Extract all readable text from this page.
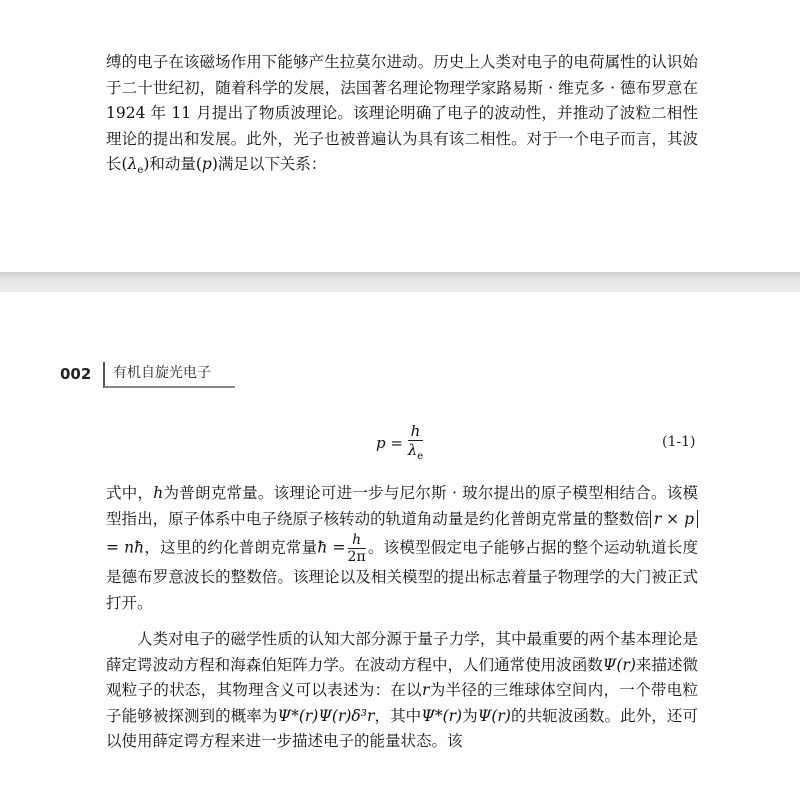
缚的电子在该磁场作用下能够产生拉莫尔进动。历史上人类对电子的电荷属性的认识始于二十世纪初，随着科学的发展，法国著名理论物理学家路易斯 · 维克多 · 德布罗意在 1924 年 11 月提出了物质波理论。该理论明确了电子的波动性，并推动了波粒二相性理论的提出和发展。此外，光子也被普遍认为具有该二相性。对于一个电子而言，其波长$(\lambda_e)$和动量(p)满足以下关系：

002 有机自旋光电子
$p = \frac{h}{\lambda_e}$	(1-1)

式中，h为普朗克常量。该理论可进一步与尼尔斯 · 玻尔提出的原子模型相结合。该模型指出，原子体系中电子绕原子核转动的轨道角动量是约化普朗克常量的整数倍 r × p= nħ，这里的约化普朗克常量ħ = $\frac{h}{2\pi}$ 。该模型假定电子能够占据的整个运动轨道长度是德布罗意波长的整数倍。该理论以及相关模型的提出标志着量子物理学的大门被正式打开。

人类对电子的磁学性质的认知大部分源于量子力学，其中最重要的两个基本理论是薛定谔波动方程和海森伯矩阵力学。在波动方程中，人们通常使用波函数Ψ(r)来描述微观粒子的状态，其物理含义可以表述为：在以r为半径的三维球体空间内，一个带电粒子能够被探测到的概率为Ψ*(r)Ψ(r)δ³r，其中Ψ*(r)为Ψ(r)的共轭波函数。此外，还可以使用薛定谔方程来进一步描述电子的能量状态。该
